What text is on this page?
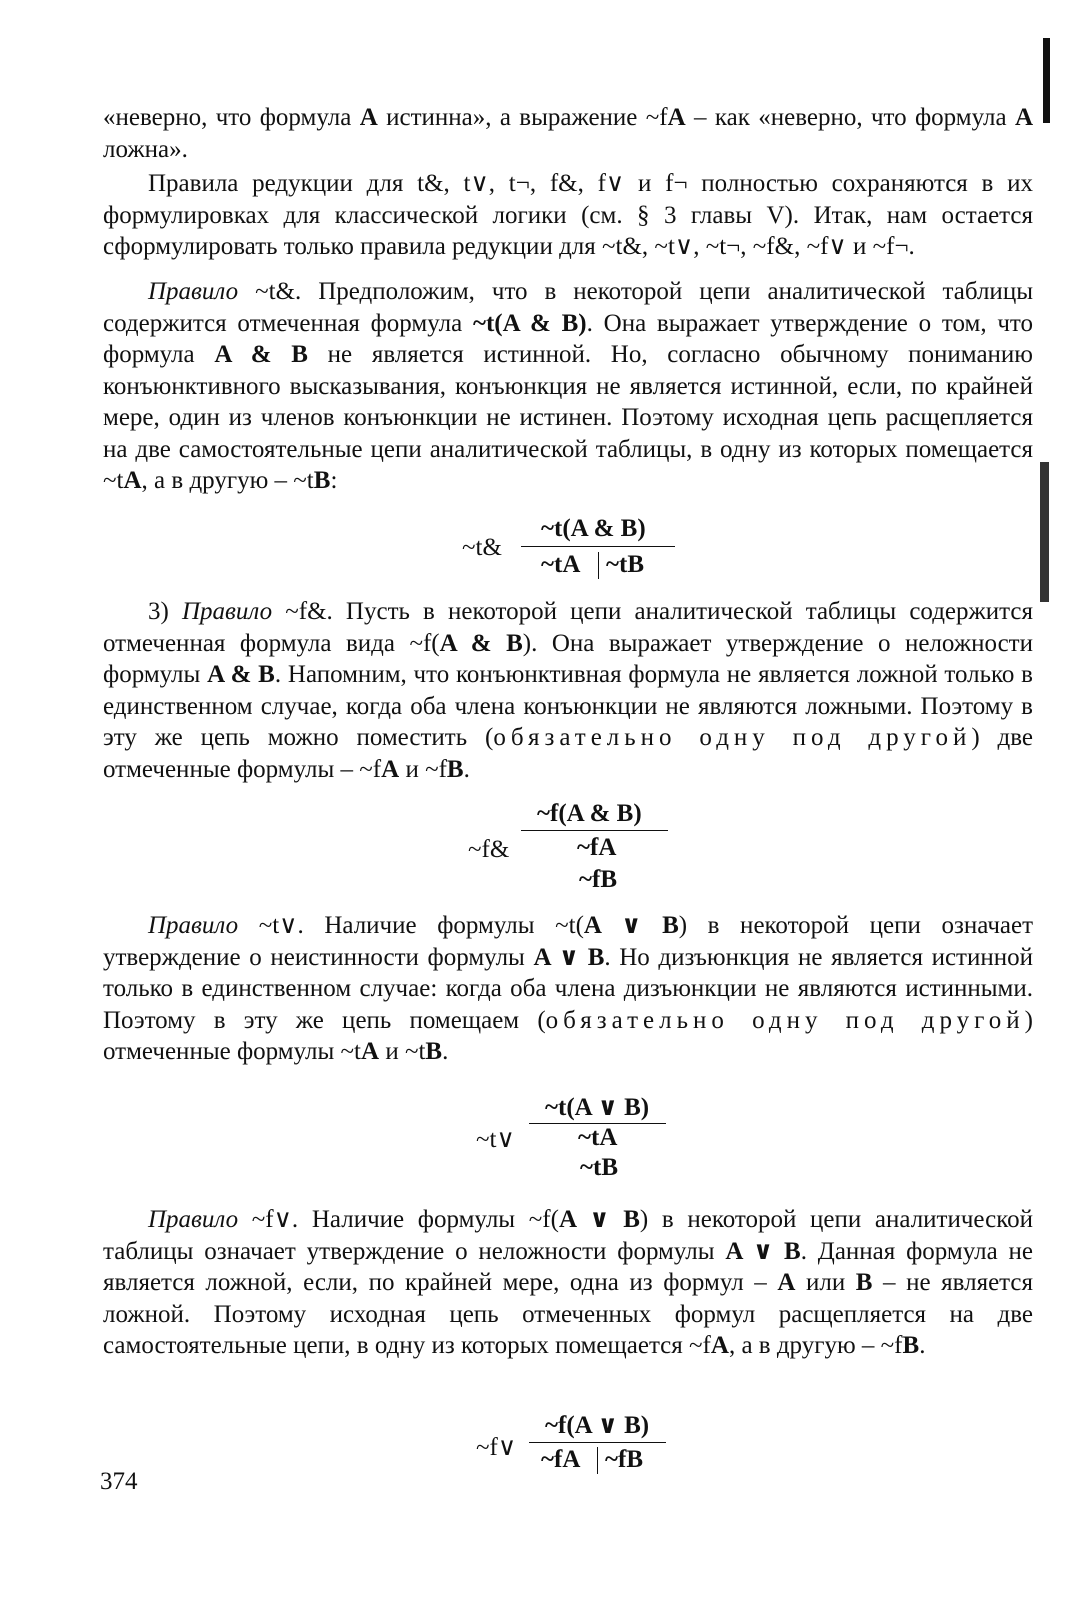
«неверно, что формула A истинна», а выражение ~fA – как «неверно, что формула A ложна».

Правила редукции для t&, t∨, t¬, f&, f∨ и f¬ полностью сохраняются в их формулировках для классической логики (см. § 3 главы V). Итак, нам остается сформулировать только правила редукции для ~t&, ~t∨, ~t¬, ~f&, ~f∨ и ~f¬.

Правило ~t&. Предположим, что в некоторой цепи аналитической таблицы содержится отмеченная формула ~t(A & B). Она выражает утверждение о том, что формула A & B не является истинной. Но, согласно обычному пониманию конъюнктивного высказывания, конъюнкция не является истинной, если, по крайней мере, один из членов конъюнкции не истинен. Поэтому исходная цепь расщепляется на две самостоятельные цепи аналитической таблицы, в одну из которых помещается ~tA, а в другую – ~tB:

~t&
~t(A & B)
~tA ~tB

3) Правило ~f&. Пусть в некоторой цепи аналитической таблицы содержится отмеченная формула вида ~f(A & B). Она выражает утверждение о неложности формулы A & B. Напомним, что конъюнктивная формула не является ложной только в единственном случае, когда оба члена конъюнкции не являются ложными. Поэтому в эту же цепь можно поместить (обязательно одну под другой) две отмеченные формулы – ~fA и ~fB.

~f&
~f(A & B)
~fA
~fB

Правило ~t∨. Наличие формулы ~t(A ∨ B) в некоторой цепи означает утверждение о неистинности формулы A ∨ B. Но дизъюнкция не является истинной только в единственном случае: когда оба члена дизъюнкции не являются истинными. Поэтому в эту же цепь помещаем (обязательно одну под другой) отмеченные формулы ~tA и ~tB.

~t∨
~t(A ∨ B)
~tA
~tB

Правило ~f∨. Наличие формулы ~f(A ∨ B) в некоторой цепи аналитической таблицы означает утверждение о неложности формулы A ∨ B. Данная формула не является ложной, если, по крайней мере, одна из формул – A или B – не является ложной. Поэтому исходная цепь отмеченных формул расщепляется на две самостоятельные цепи, в одну из которых помещается ~fA, а в другую – ~fB.

~f∨
~f(A ∨ B)
~fA ~fB
374
